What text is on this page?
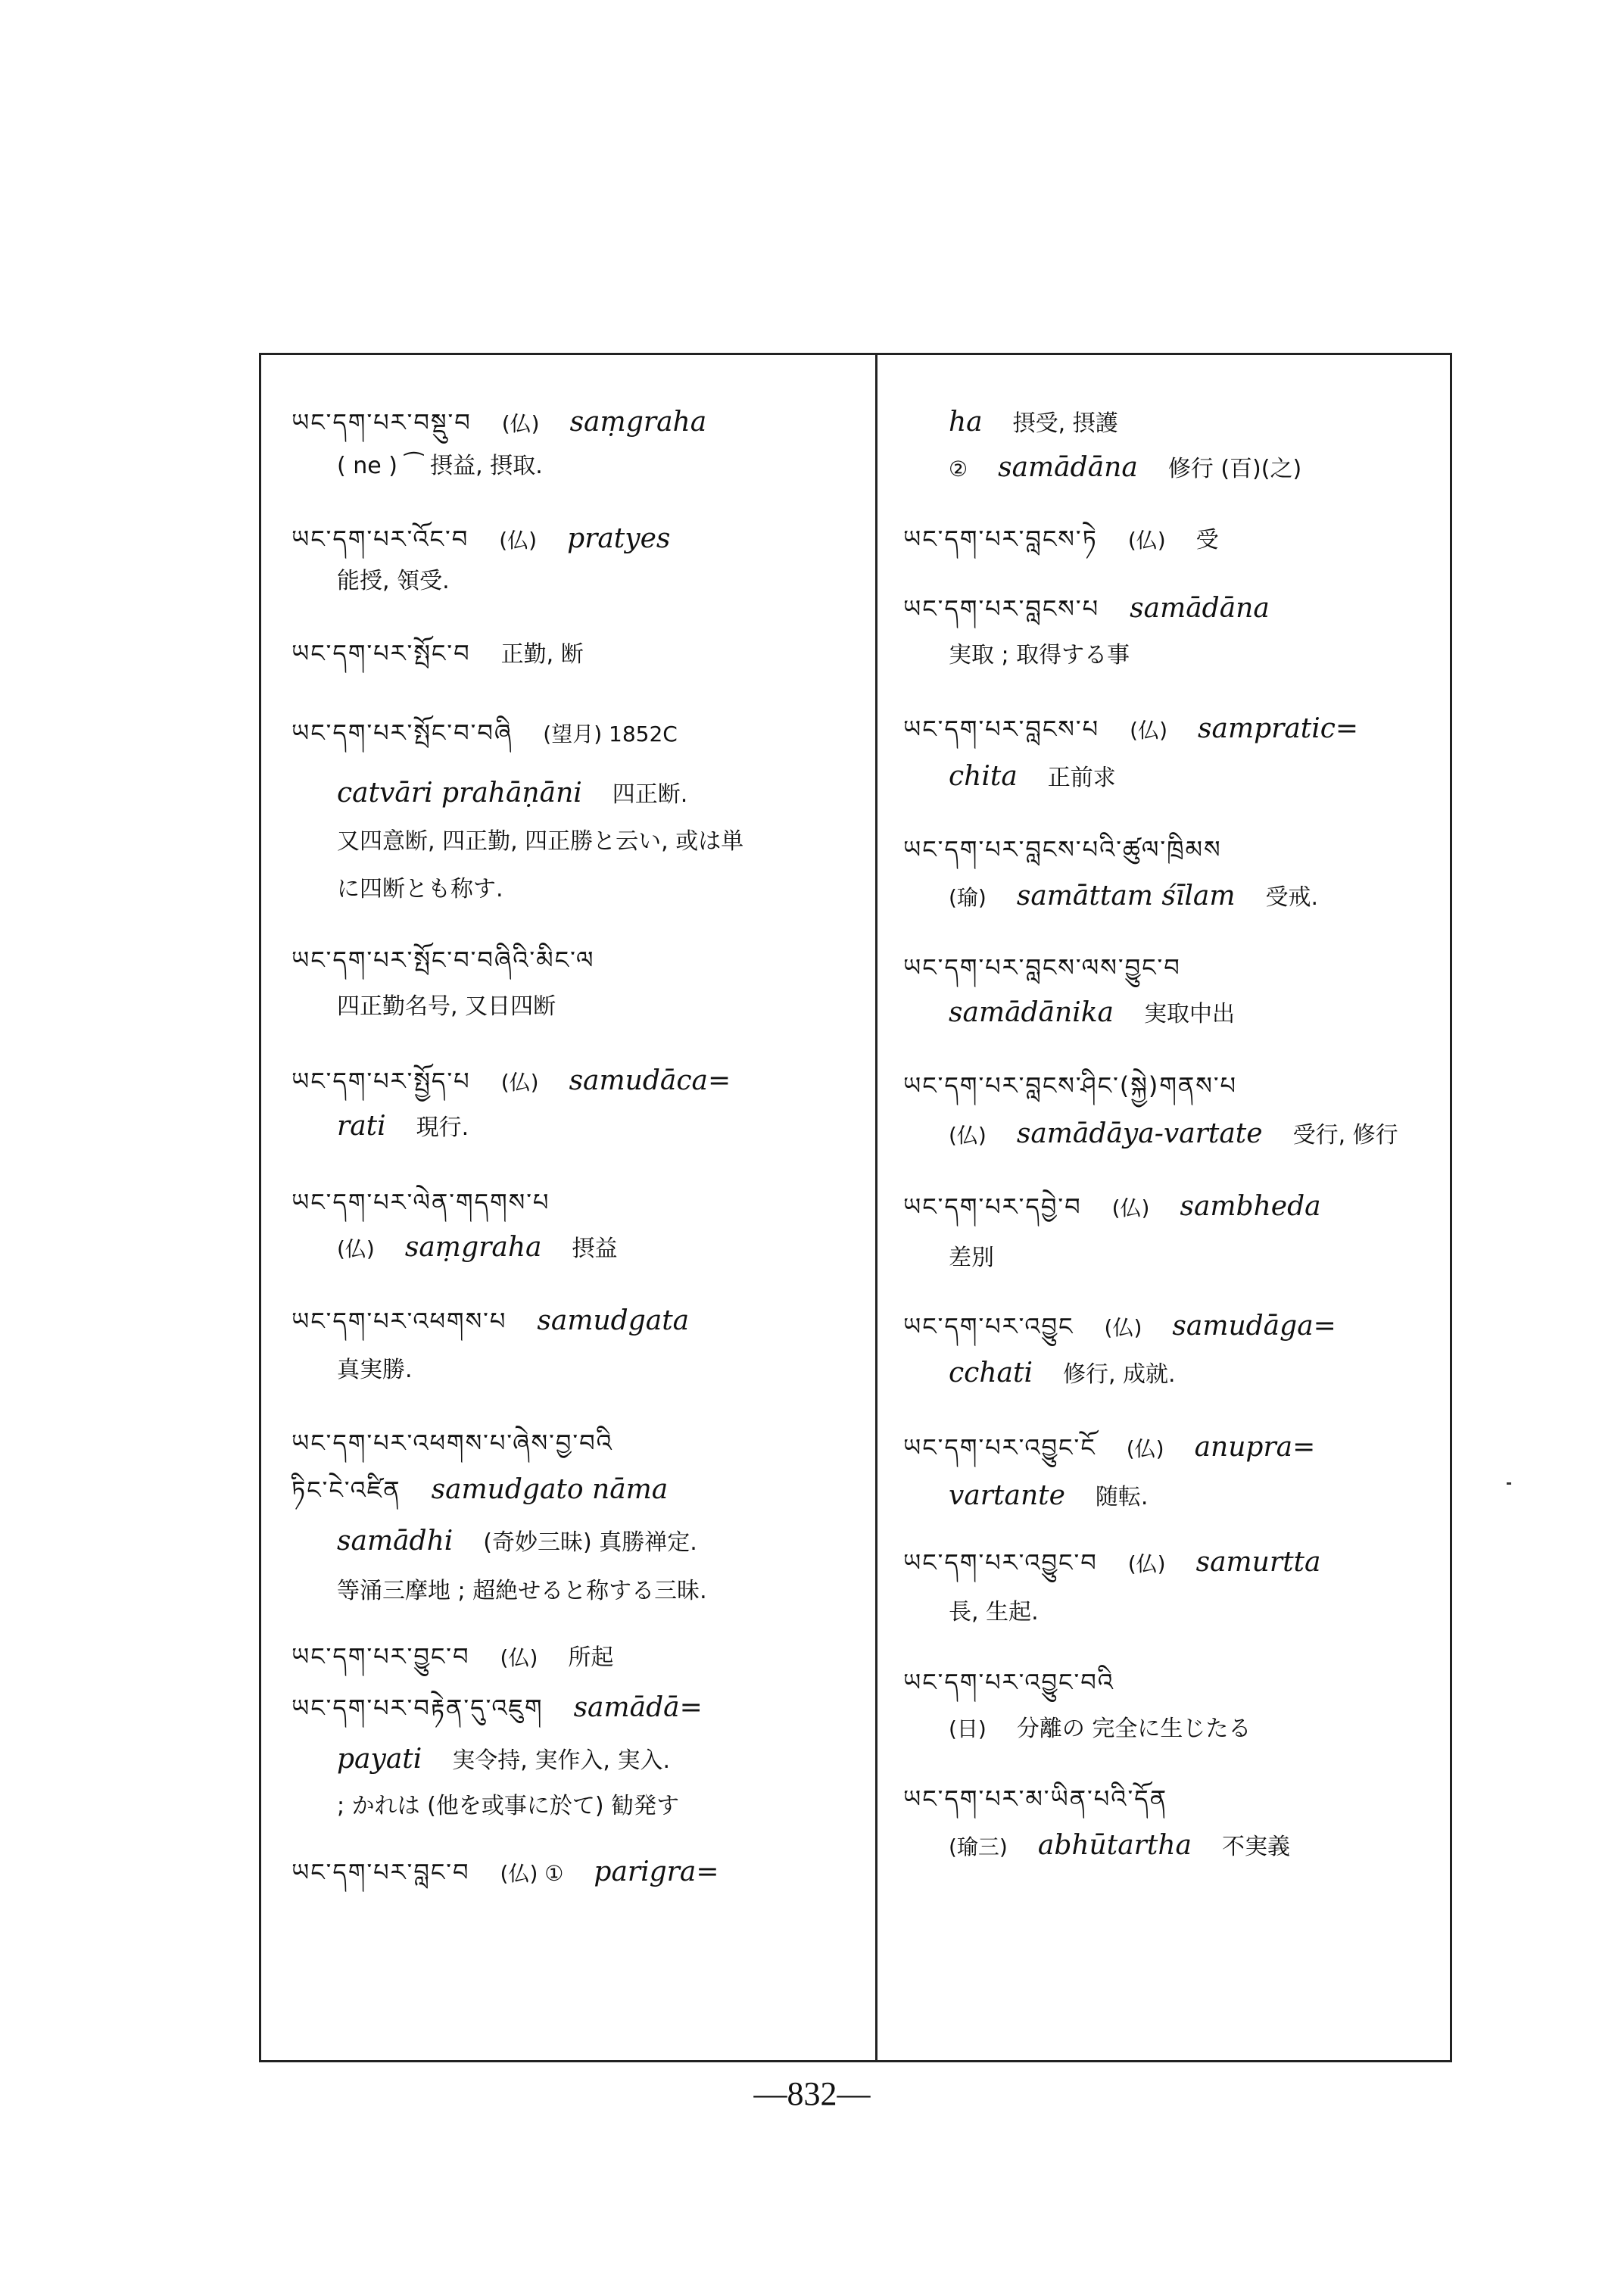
ཡང་དག་པར་བསྡུ་བ (仏) saṃgraha
( ne ) ⁀ 摂益, 摂取.
ཡང་དག་པར་འོང་བ (仏) pratyes
能授, 領受.
ཡང་དག་པར་སྤོང་བ 正勤, 断
ཡང་དག་པར་སྤོང་བ་བཞི (望月) 1852C
catvāri prahāṇāni 四正断.
又四意断, 四正勤, 四正勝と云い, 或は単
に四断とも称す.
ཡང་དག་པར་སྤོང་བ་བཞིའི་མིང་ལ
四正勤名号, 又日四断
ཡང་དག་པར་སྤྱོད་པ (仏) samudāca=
rati 現行.
ཡང་དག་པར་ལེན་གདགས་པ
(仏) saṃgraha 摂益
ཡང་དག་པར་འཕགས་པ samudgata
真実勝.
ཡང་དག་པར་འཕགས་པ་ཞེས་བྱ་བའི
ཏིང་ངེ་འཛིན samudgato nāma
samādhi (奇妙三昧) 真勝禅定.
等涌三摩地 ; 超絶せると称する三昧.
ཡང་དག་པར་བྱུང་བ (仏) 所起
ཡང་དག་པར་བརྟེན་དུ་འཇུག samādā=
payati 実令持, 実作入, 実入.
; かれは (他を或事に於て) 勧発す
ཡང་དག་པར་བླང་བ (仏) ① parigra=
ha 摂受, 摂護
② samādāna 修行 (百)(之)
ཡང་དག་པར་བླངས་ཏེ (仏) 受
ཡང་དག་པར་བླངས་པ samādāna
実取 ; 取得する事
ཡང་དག་པར་བླངས་པ (仏) sampratic=
chita 正前求
ཡང་དག་པར་བླངས་པའི་ཚུལ་ཁྲིམས
(瑜) samāttam śīlam 受戒.
ཡང་དག་པར་བླངས་ལས་བྱུང་བ
samādānika 実取中出
ཡང་དག་པར་བླངས་ཤིང་(སྐྱེ)གནས་པ
(仏) samādāya-vartate 受行, 修行
ཡང་དག་པར་དབྱེ་བ (仏) sambheda
差別
ཡང་དག་པར་འབྱུང (仏) samudāga=
cchati 修行, 成就.
ཡང་དག་པར་འབྱུང་ངོ (仏) anupra=
vartante 随転.
ཡང་དག་པར་འབྱུང་བ (仏) samurtta
長, 生起.
ཡང་དག་པར་འབྱུང་བའི
(日) 分離の 完全に生じたる
ཡང་དག་པར་མ་ཡིན་པའི་དོན
(瑜三) abhūtartha 不実義
—832—
